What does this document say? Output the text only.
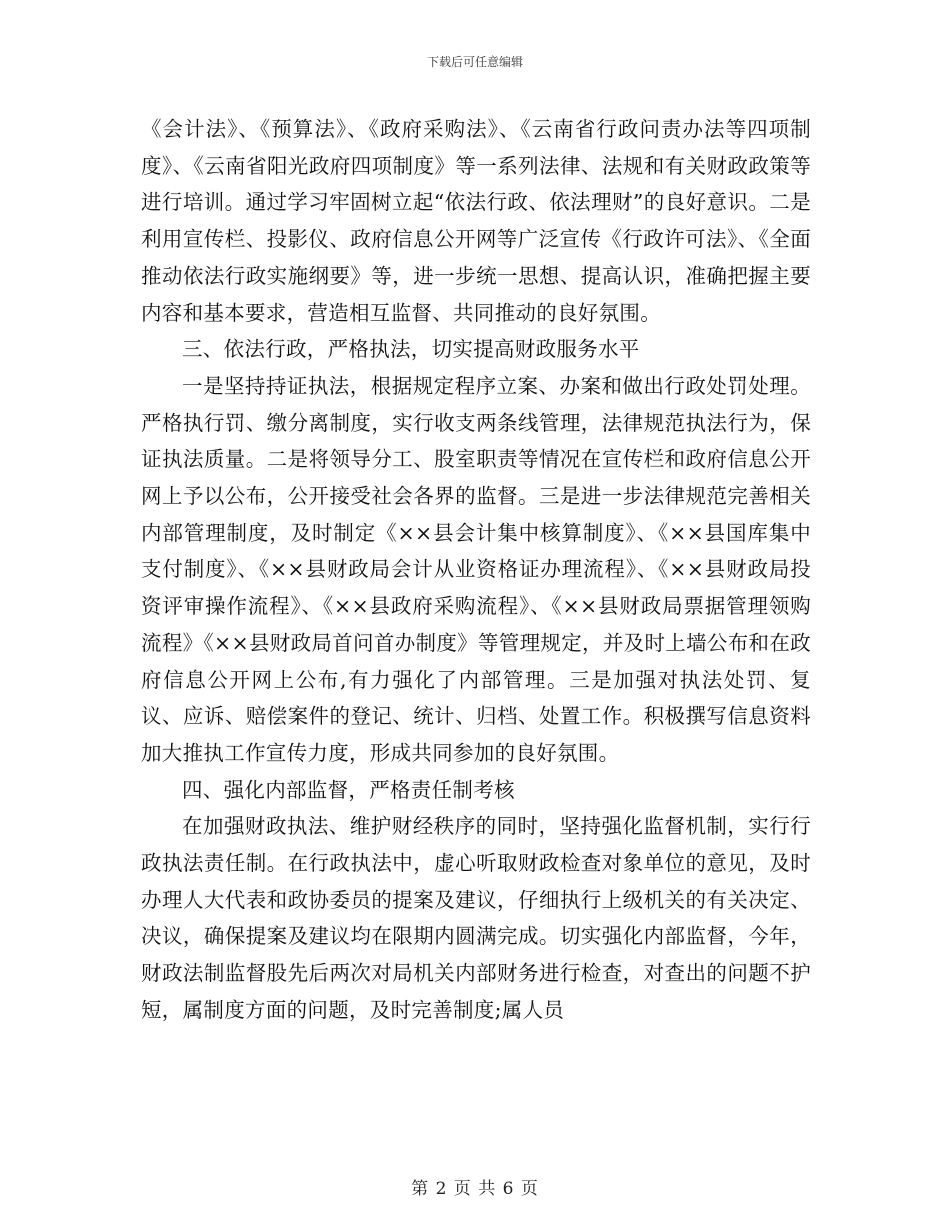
下载后可任意编辑

《会计法》、《预算法》、《政府采购法》、《云南省行政问责办法等四项制度》、《云南省阳光政府四项制度》等一系列法律、法规和有关财政政策等进行培训。通过学习牢固树立起“依法行政、依法理财”的良好意识。二是利用宣传栏、投影仪、政府信息公开网等广泛宣传《行政许可法》、《全面推动依法行政实施纲要》等，进一步统一思想、提高认识，准确把握主要内容和基本要求，营造相互监督、共同推动的良好氛围。

三、依法行政，严格执法，切实提高财政服务水平

一是坚持持证执法，根据规定程序立案、办案和做出行政处罚处理。严格执行罚、缴分离制度，实行收支两条线管理，法律规范执法行为，保证执法质量。二是将领导分工、股室职责等情况在宣传栏和政府信息公开网上予以公布，公开接受社会各界的监督。三是进一步法律规范完善相关内部管理制度，及时制定《××县会计集中核算制度》、《××县国库集中支付制度》、《××县财政局会计从业资格证办理流程》、《××县财政局投资评审操作流程》、《××县政府采购流程》、《××县财政局票据管理领购流程》《××县财政局首问首办制度》等管理规定，并及时上墙公布和在政府信息公开网上公布,有力强化了内部管理。三是加强对执法处罚、复议、应诉、赔偿案件的登记、统计、归档、处置工作。积极撰写信息资料加大推执工作宣传力度，形成共同参加的良好氛围。

四、强化内部监督，严格责任制考核

在加强财政执法、维护财经秩序的同时，坚持强化监督机制，实行行政执法责任制。在行政执法中，虚心听取财政检查对象单位的意见，及时办理人大代表和政协委员的提案及建议，仔细执行上级机关的有关决定、决议，确保提案及建议均在限期内圆满完成。切实强化内部监督，今年，财政法制监督股先后两次对局机关内部财务进行检查，对查出的问题不护短，属制度方面的问题，及时完善制度;属人员

第 2 页 共 6 页
